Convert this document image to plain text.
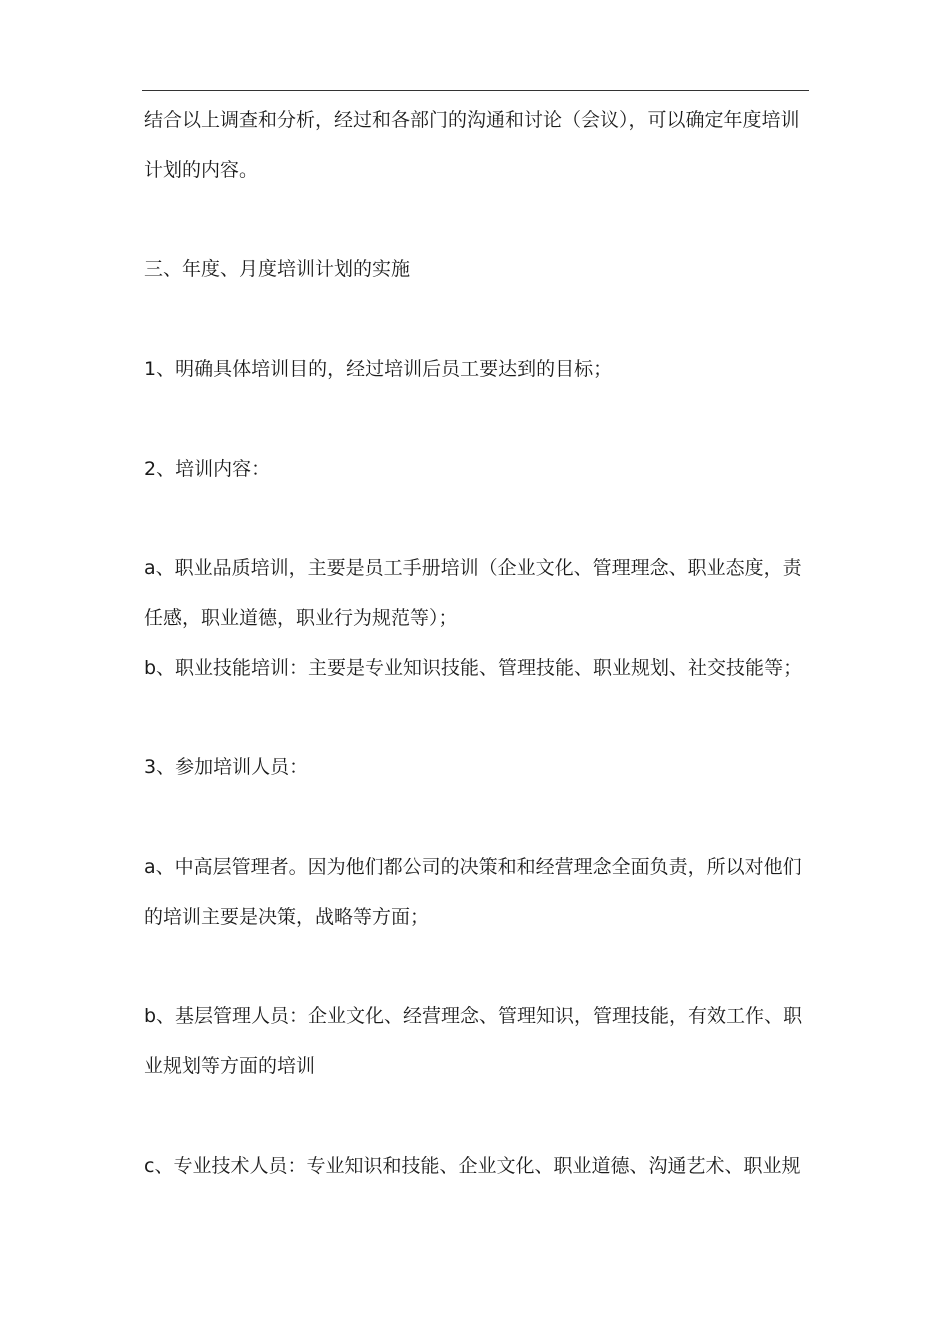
结合以上调查和分析，经过和各部门的沟通和讨论（会议），可以确定年度培训
计划的内容。
三、年度、月度培训计划的实施
1、明确具体培训目的，经过培训后员工要达到的目标；
2、培训内容：
a、职业品质培训，主要是员工手册培训（企业文化、管理理念、职业态度，责
任感，职业道德，职业行为规范等）；
b、职业技能培训：主要是专业知识技能、管理技能、职业规划、社交技能等；
3、参加培训人员：
a、中高层管理者。因为他们都公司的决策和和经营理念全面负责，所以对他们
的培训主要是决策，战略等方面；
b、基层管理人员：企业文化、经营理念、管理知识，管理技能，有效工作、职
业规划等方面的培训
c、专业技术人员：专业知识和技能、企业文化、职业道德、沟通艺术、职业规
